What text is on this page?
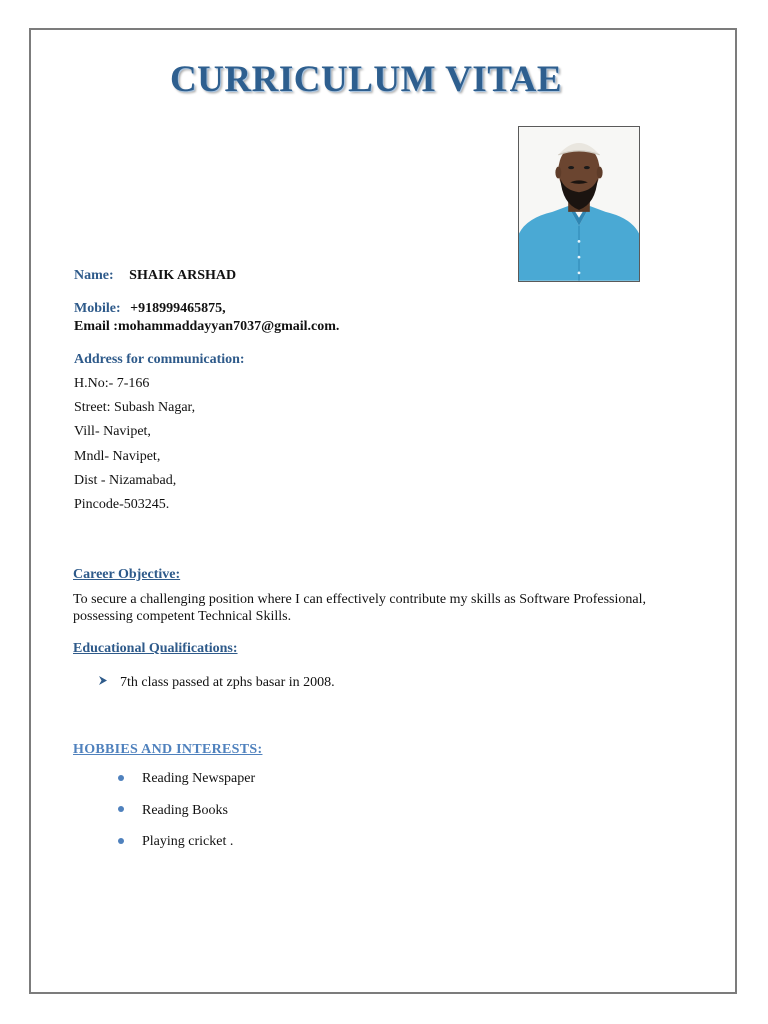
CURRICULUM VITAE
Name: SHAIK ARSHAD
Mobile: +918999465875,
Email :mohammaddayyan7037@gmail.com.
Address for communication:
H.No:- 7-166
Street: Subash Nagar,
Vill- Navipet,
Mndl- Navipet,
Dist - Nizamabad,
Pincode-503245.
Career Objective:
To secure a challenging position where I can effectively contribute my skills as Software Professional, possessing competent Technical Skills.
Educational Qualifications:
7th class passed at zphs basar in 2008.
HOBBIES AND INTERESTS:
Reading Newspaper
Reading Books
Playing cricket .
